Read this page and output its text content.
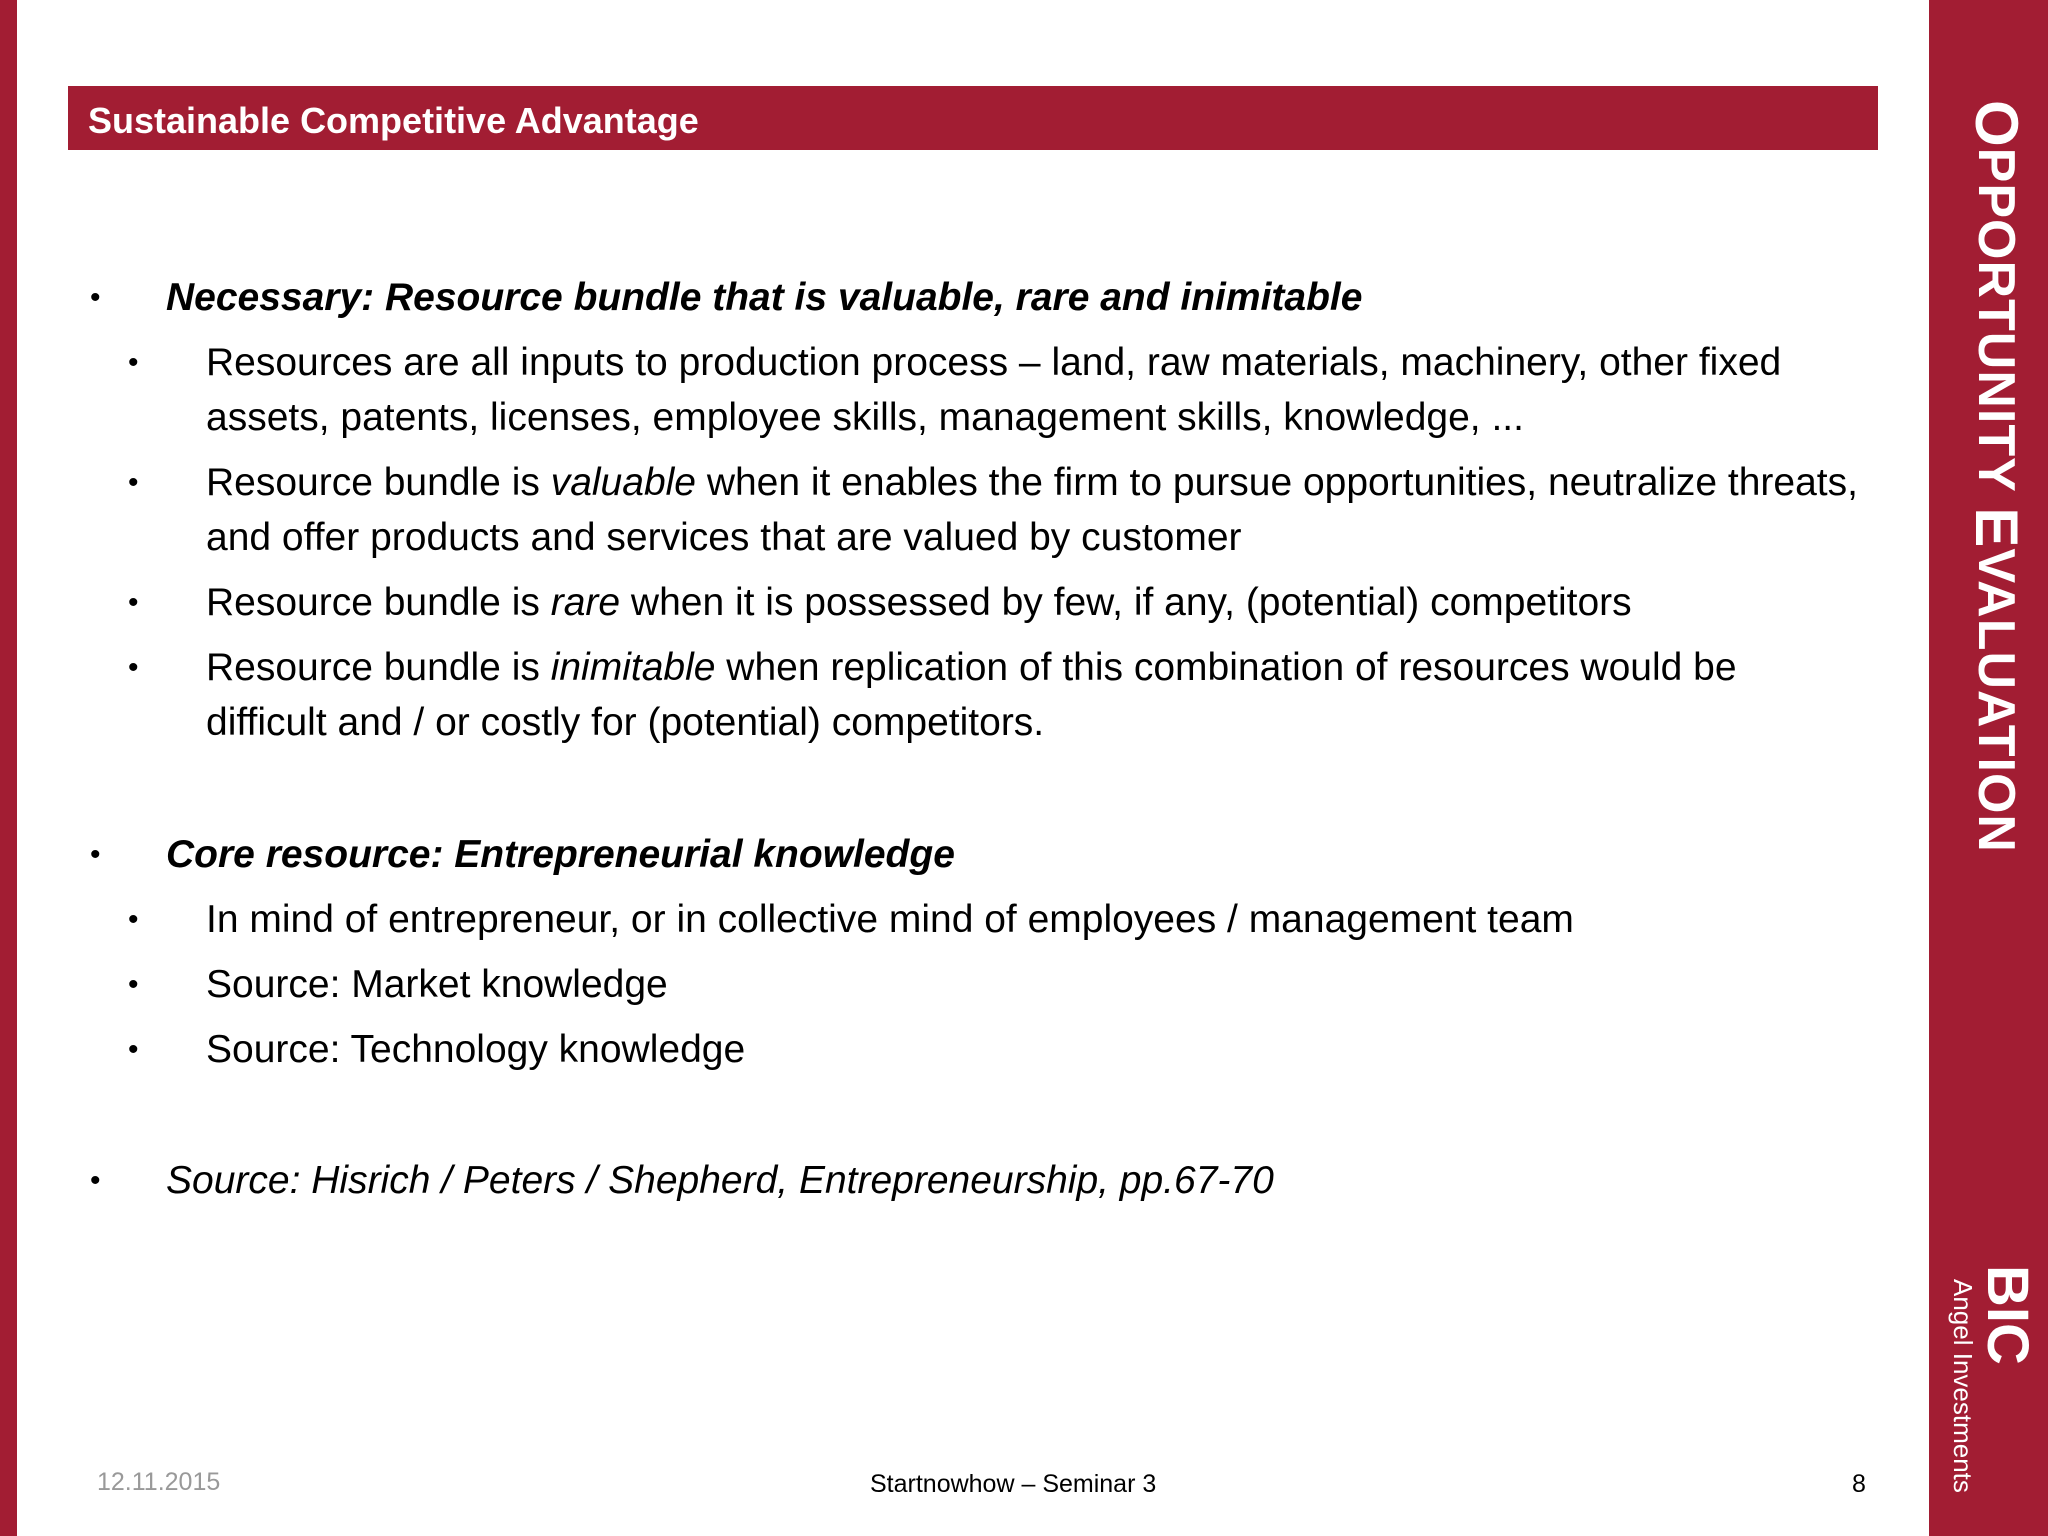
OPPORTUNITY EVALUATION
BIC
Angel Investments
Sustainable Competitive Advantage
• Necessary: Resource bundle that is valuable, rare and inimitable
• Resources are all inputs to production process – land, raw materials, machinery, other fixed assets, patents, licenses, employee skills, management skills, knowledge, ...
• Resource bundle is valuable when it enables the firm to pursue opportunities, neutralize threats, and offer products and services that are valued by customer
• Resource bundle is rare when it is possessed by few, if any, (potential) competitors
• Resource bundle is inimitable when replication of this combination of resources would be difficult and / or costly for (potential) competitors.
• Core resource: Entrepreneurial knowledge
• In mind of entrepreneur, or in collective mind of employees / management team
• Source: Market knowledge
• Source: Technology knowledge
• Source: Hisrich / Peters / Shepherd, Entrepreneurship, pp.67-70
12.11.2015	Startnowhow – Seminar 3	8
